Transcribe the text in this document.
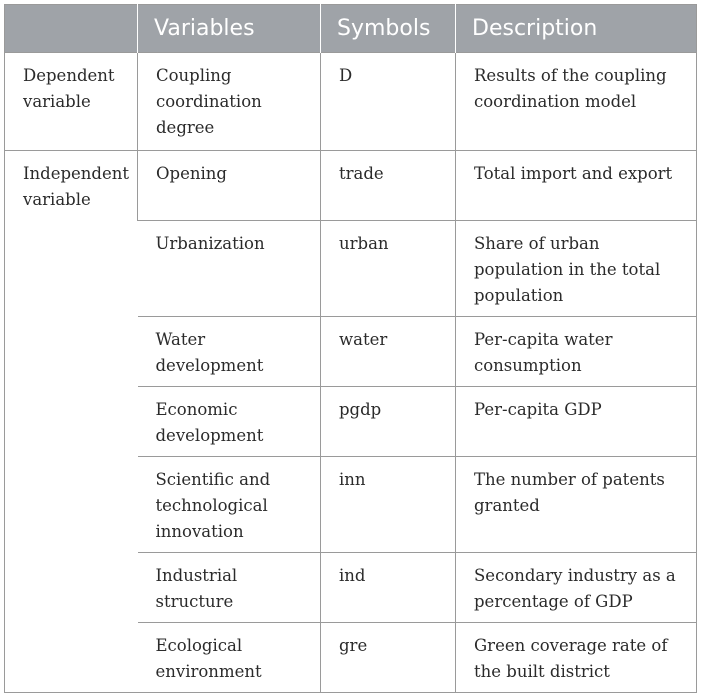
	Variables	Symbols	Description
Dependent variable	Coupling coordination degree	D	Results of the coupling coordination model
Independent variable	Opening	trade	Total import and export
	Urbanization	urban	Share of urban population in the total population
	Water development	water	Per-capita water consumption
	Economic development	pgdp	Per-capita GDP
	Scientific and technological innovation	inn	The number of patents granted
	Industrial structure	ind	Secondary industry as a percentage of GDP
	Ecological environment	gre	Green coverage rate of the built district
